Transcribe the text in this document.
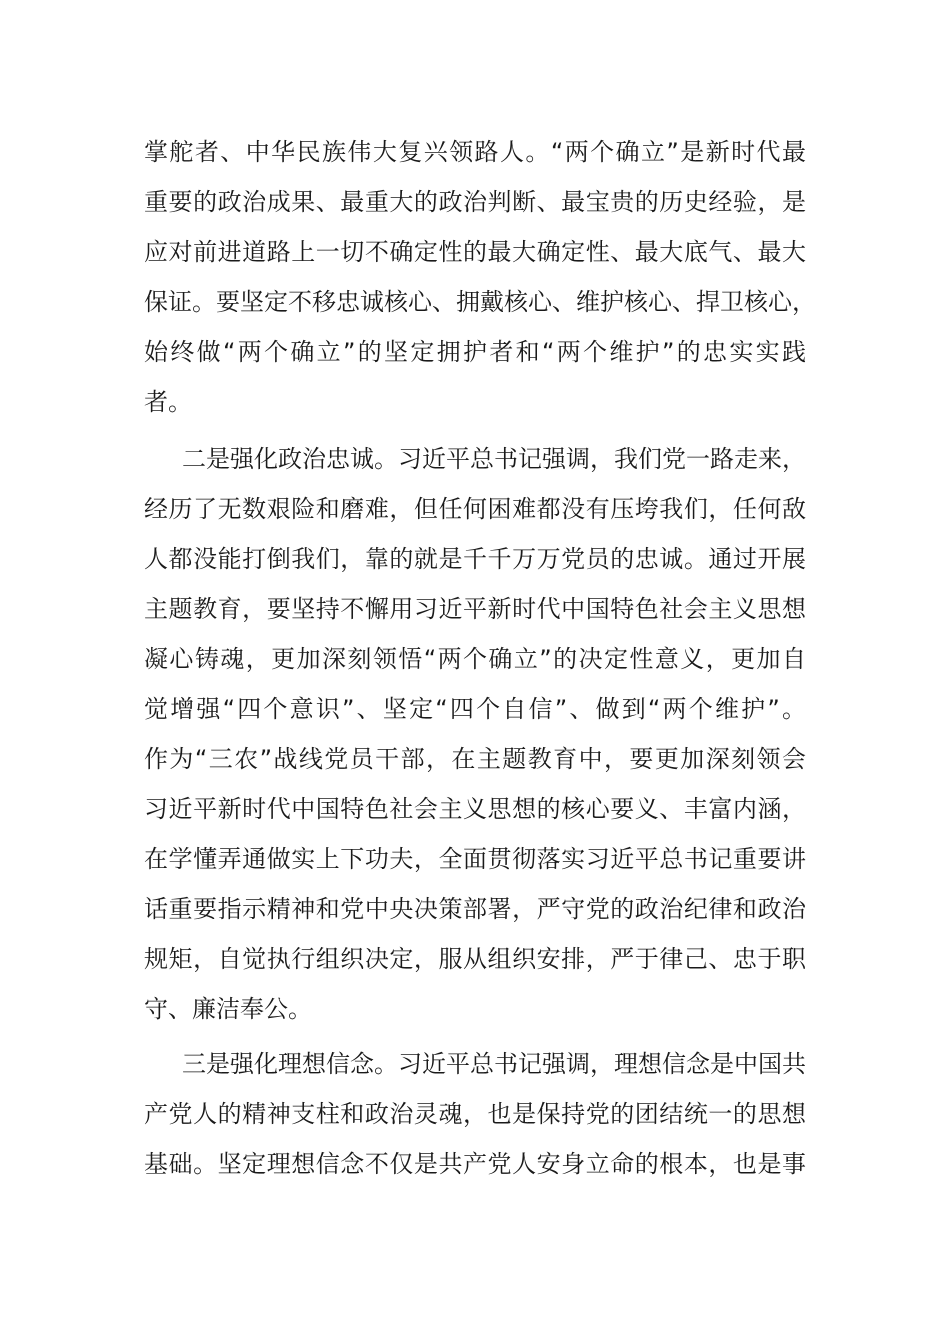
掌舵者、中华民族伟大复兴领路人。“两个确立”是新时代最
重要的政治成果、最重大的政治判断、最宝贵的历史经验，是
应对前进道路上一切不确定性的最大确定性、最大底气、最大
保证。要坚定不移忠诚核心、拥戴核心、维护核心、捍卫核心，
始终做“两个确立”的坚定拥护者和“两个维护”的忠实实践
者。
二是强化政治忠诚。习近平总书记强调，我们党一路走来，
经历了无数艰险和磨难，但任何困难都没有压垮我们，任何敌
人都没能打倒我们，靠的就是千千万万党员的忠诚。通过开展
主题教育，要坚持不懈用习近平新时代中国特色社会主义思想
凝心铸魂，更加深刻领悟“两个确立”的决定性意义，更加自
觉增强“四个意识”、坚定“四个自信”、做到“两个维护”。
作为“三农”战线党员干部，在主题教育中，要更加深刻领会
习近平新时代中国特色社会主义思想的核心要义、丰富内涵，
在学懂弄通做实上下功夫，全面贯彻落实习近平总书记重要讲
话重要指示精神和党中央决策部署，严守党的政治纪律和政治
规矩，自觉执行组织决定，服从组织安排，严于律己、忠于职
守、廉洁奉公。
三是强化理想信念。习近平总书记强调，理想信念是中国共
产党人的精神支柱和政治灵魂，也是保持党的团结统一的思想
基础。坚定理想信念不仅是共产党人安身立命的根本，也是事
